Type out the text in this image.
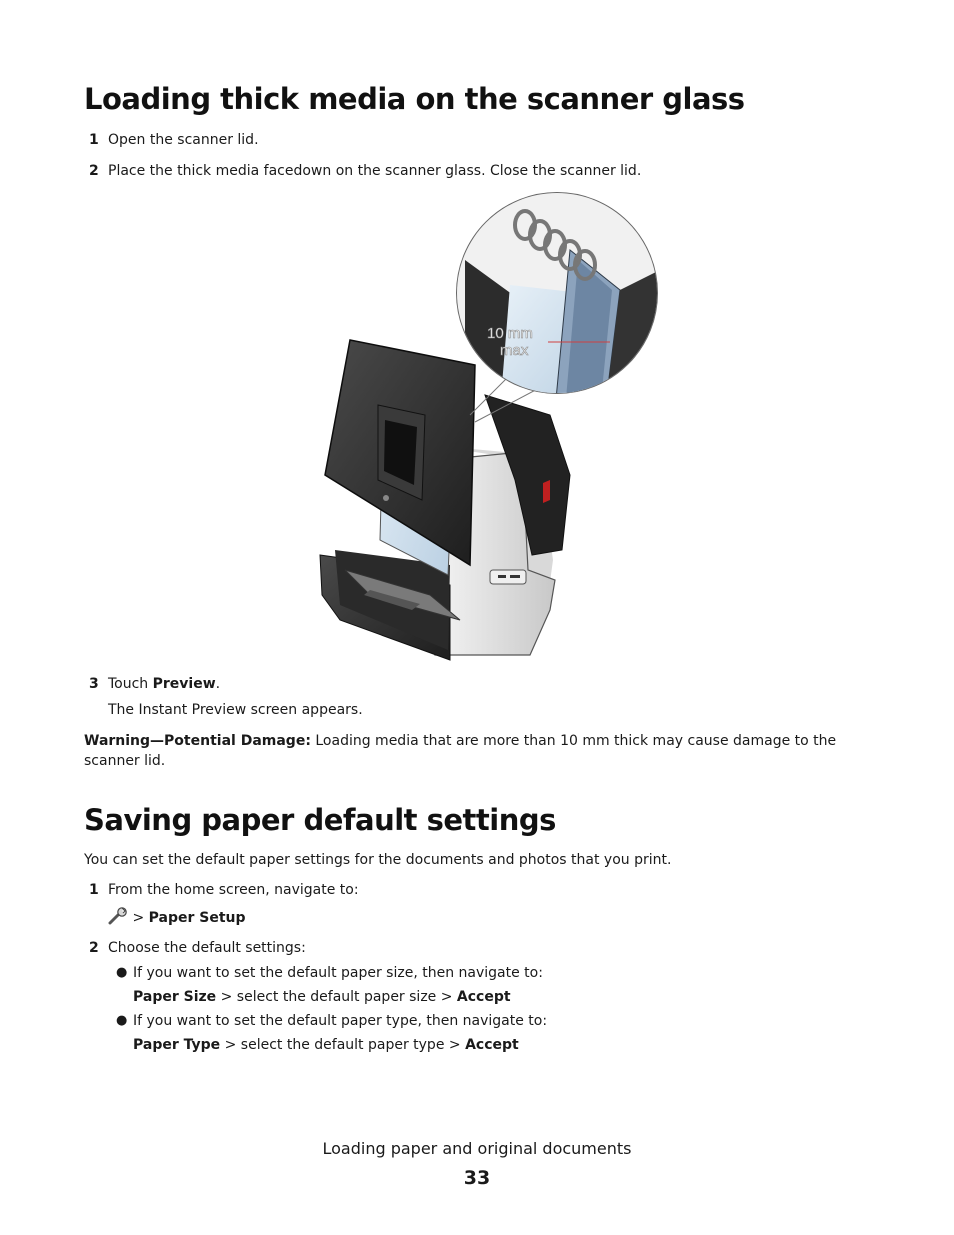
Loading thick media on the scanner glass
1 Open the scanner lid.
2 Place the thick media facedown on the scanner glass. Close the scanner lid.
10 mm
max
3 Touch Preview.
The Instant Preview screen appears.
Warning—Potential Damage: Loading media that are more than 10 mm thick may cause damage to the scanner lid.
Saving paper default settings
You can set the default paper settings for the documents and photos that you print.
1 From the home screen, navigate to:
> Paper Setup
2 Choose the default settings:
● If you want to set the default paper size, then navigate to:
Paper Size > select the default paper size > Accept
● If you want to set the default paper type, then navigate to:
Paper Type > select the default paper type > Accept
Loading paper and original documents
33
